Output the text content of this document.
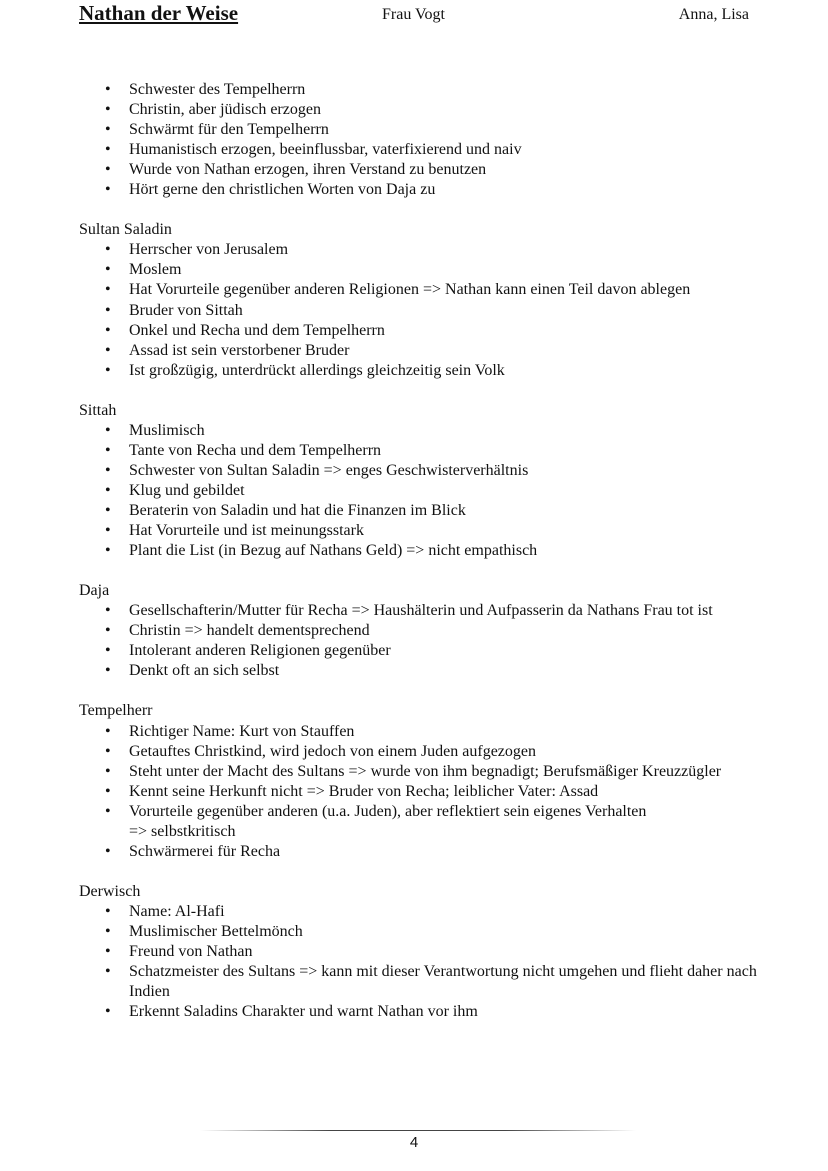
Nathan der Weise	Frau Vogt	Anna, Lisa
• Schwester des Tempelherrn
• Christin, aber jüdisch erzogen
• Schwärmt für den Tempelherrn
• Humanistisch erzogen, beeinflussbar, vaterfixierend und naiv
• Wurde von Nathan erzogen, ihren Verstand zu benutzen
• Hört gerne den christlichen Worten von Daja zu
Sultan Saladin
• Herrscher von Jerusalem
• Moslem
• Hat Vorurteile gegenüber anderen Religionen => Nathan kann einen Teil davon ablegen
• Bruder von Sittah
• Onkel und Recha und dem Tempelherrn
• Assad ist sein verstorbener Bruder
• Ist großzügig, unterdrückt allerdings gleichzeitig sein Volk
Sittah
• Muslimisch
• Tante von Recha und dem Tempelherrn
• Schwester von Sultan Saladin => enges Geschwisterverhältnis
• Klug und gebildet
• Beraterin von Saladin und hat die Finanzen im Blick
• Hat Vorurteile und ist meinungsstark
• Plant die List (in Bezug auf Nathans Geld) => nicht empathisch
Daja
• Gesellschafterin/Mutter für Recha => Haushälterin und Aufpasserin da Nathans Frau tot ist
• Christin => handelt dementsprechend
• Intolerant anderen Religionen gegenüber
• Denkt oft an sich selbst
Tempelherr
• Richtiger Name: Kurt von Stauffen
• Getauftes Christkind, wird jedoch von einem Juden aufgezogen
• Steht unter der Macht des Sultans => wurde von ihm begnadigt; Berufsmäßiger Kreuzzügler
• Kennt seine Herkunft nicht => Bruder von Recha; leiblicher Vater: Assad
• Vorurteile gegenüber anderen (u.a. Juden), aber reflektiert sein eigenes Verhalten
=> selbstkritisch
• Schwärmerei für Recha
Derwisch
• Name: Al-Hafi
• Muslimischer Bettelmönch
• Freund von Nathan
• Schatzmeister des Sultans => kann mit dieser Verantwortung nicht umgehen und flieht daher nach Indien
• Erkennt Saladins Charakter und warnt Nathan vor ihm
4
